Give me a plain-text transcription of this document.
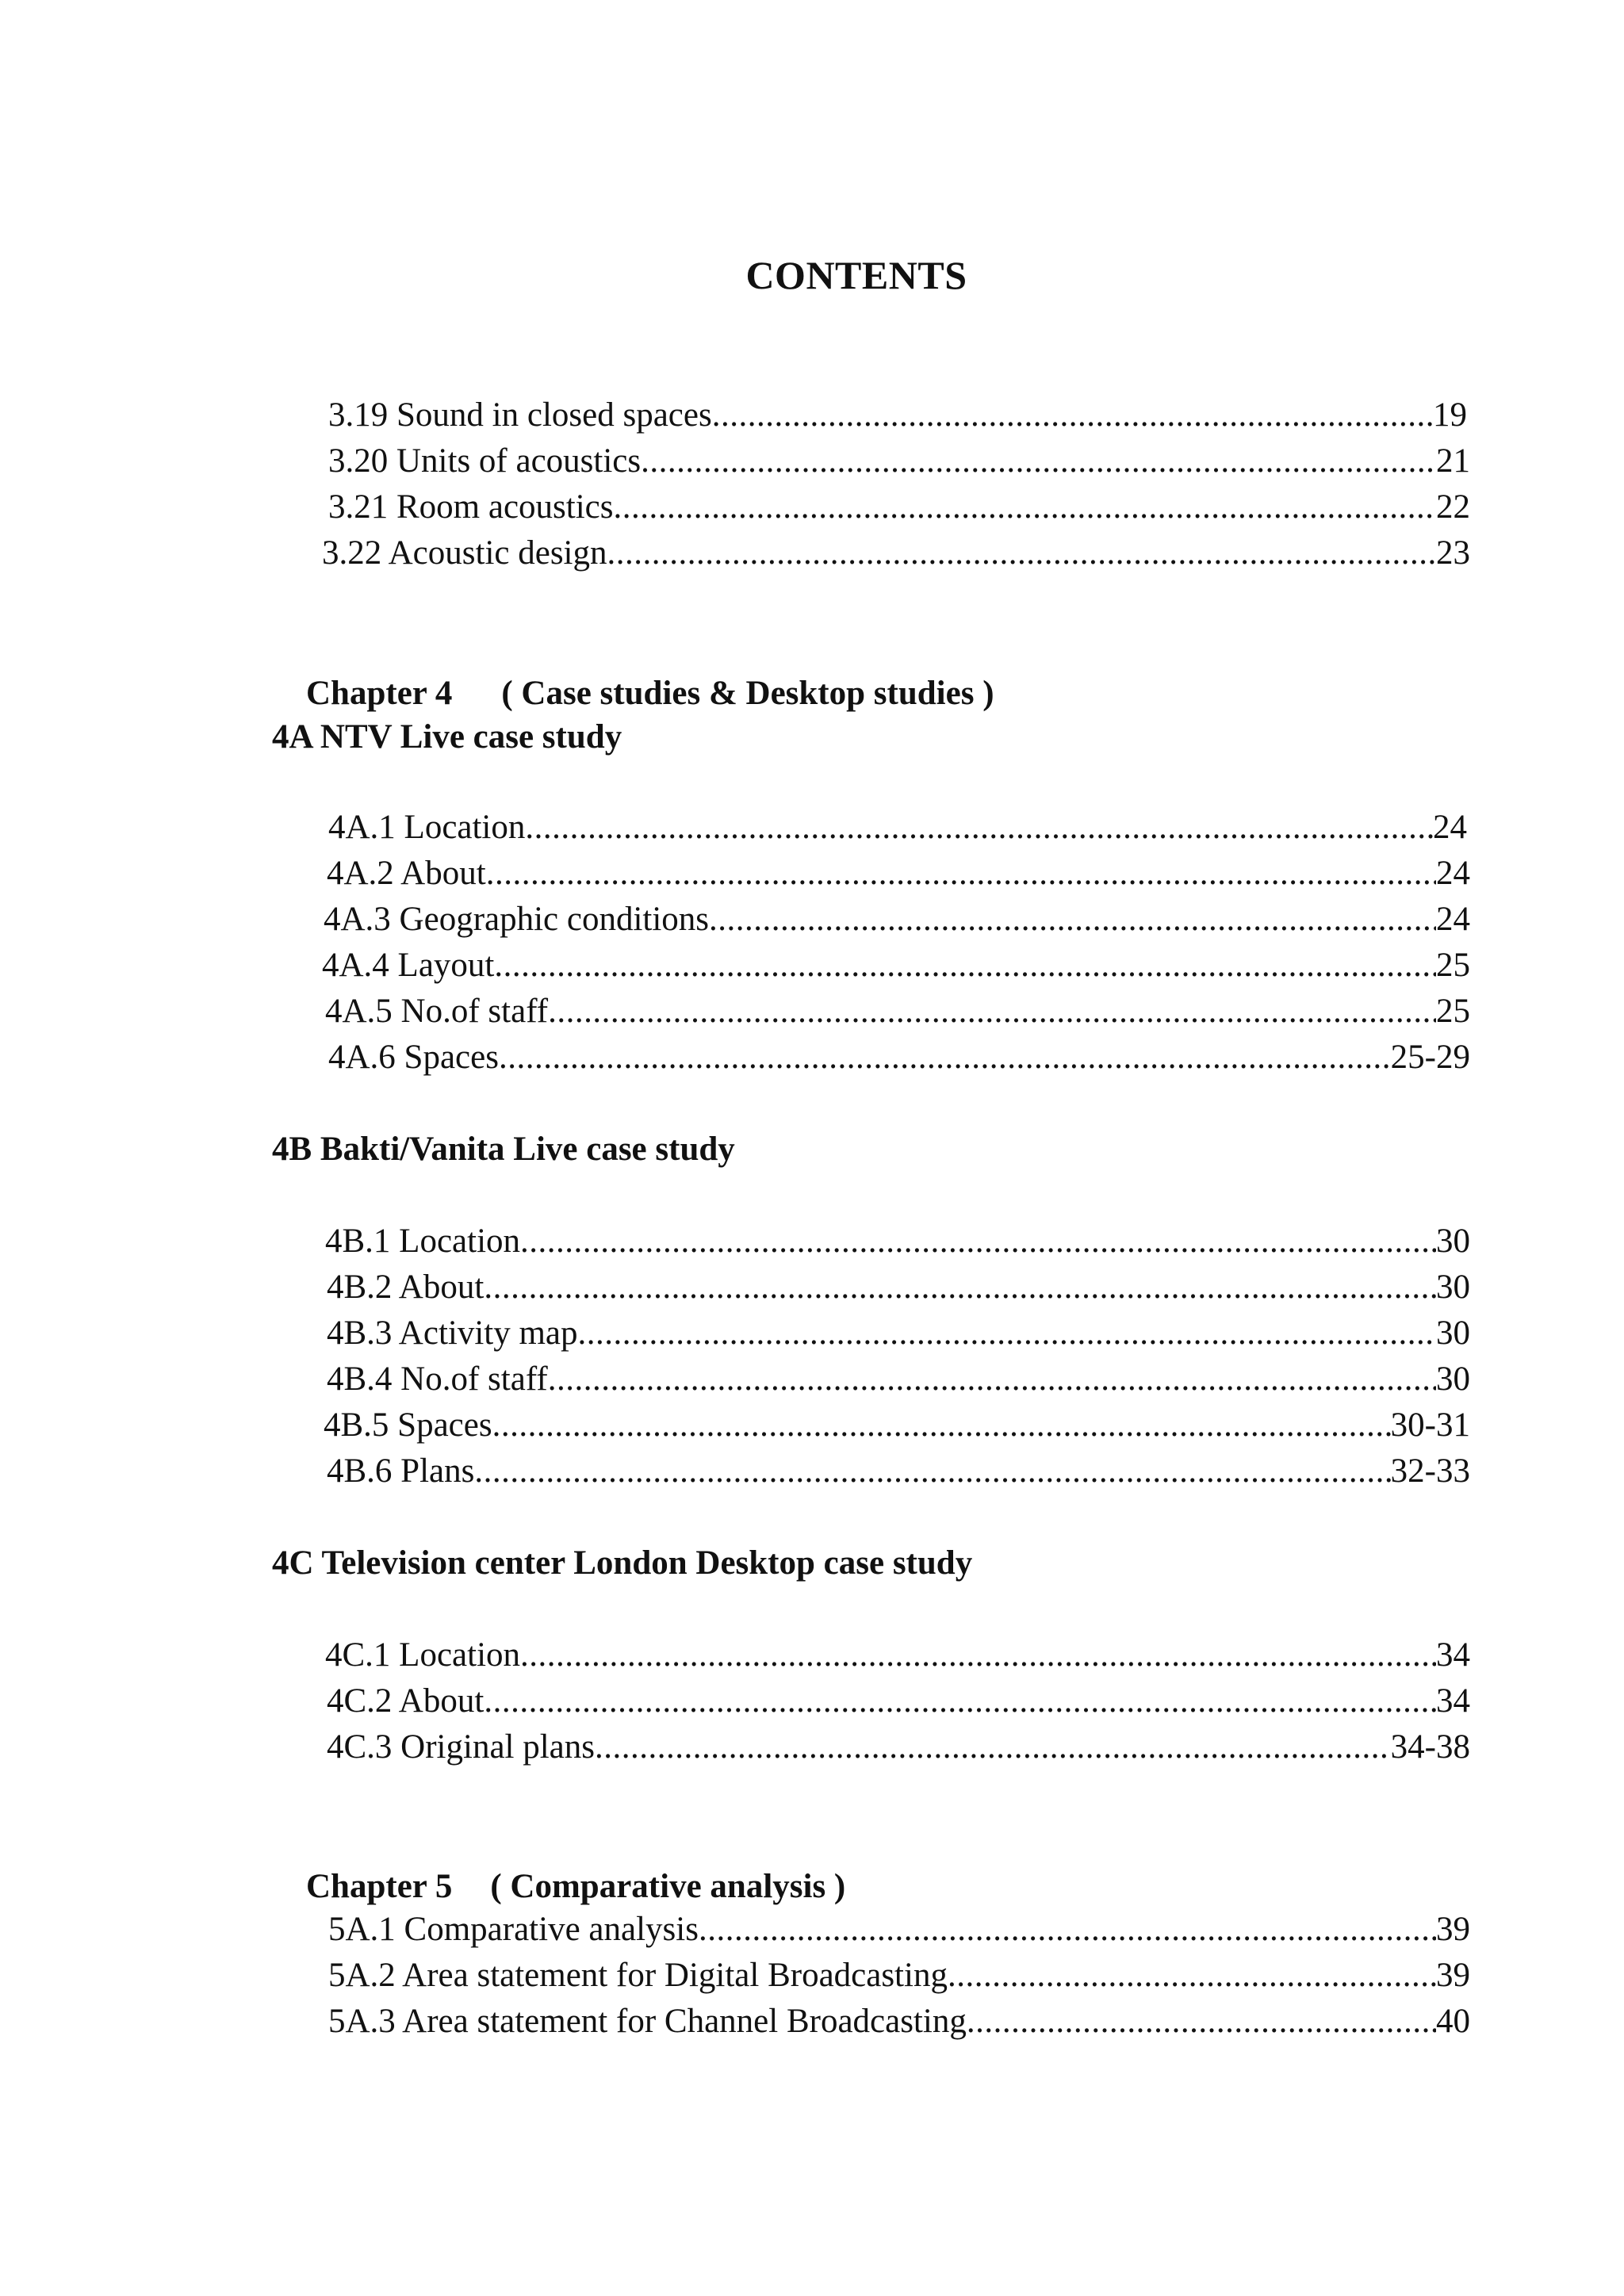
CONTENTS
3.19 Sound in closed spaces .....	19
3.20 Units of acoustics .....	21
3.21 Room acoustics .....	22
3.22 Acoustic design .....	23

Chapter 4 ( Case studies & Desktop studies )

4A NTV Live case study
4A.1 Location .....	24
4A.2 About .....	24
4A.3 Geographic conditions .....	24
4A.4 Layout .....	25
4A.5 No.of staff .....	25
4A.6 Spaces .....	25-29
4B Bakti/Vanita Live case study
4B.1 Location .....	30
4B.2 About .....	30
4B.3 Activity map .....	30
4B.4 No.of staff .....	30
4B.5 Spaces .....	30-31
4B.6 Plans .....	32-33
4C Television center London Desktop case study
4C.1 Location .....	34
4C.2 About .....	34
4C.3 Original plans .....	34-38

Chapter 5 ( Comparative analysis )

5A.1 Comparative analysis .....	39
5A.2 Area statement for Digital Broadcasting .....	39
5A.3 Area statement for Channel Broadcasting .....	40
